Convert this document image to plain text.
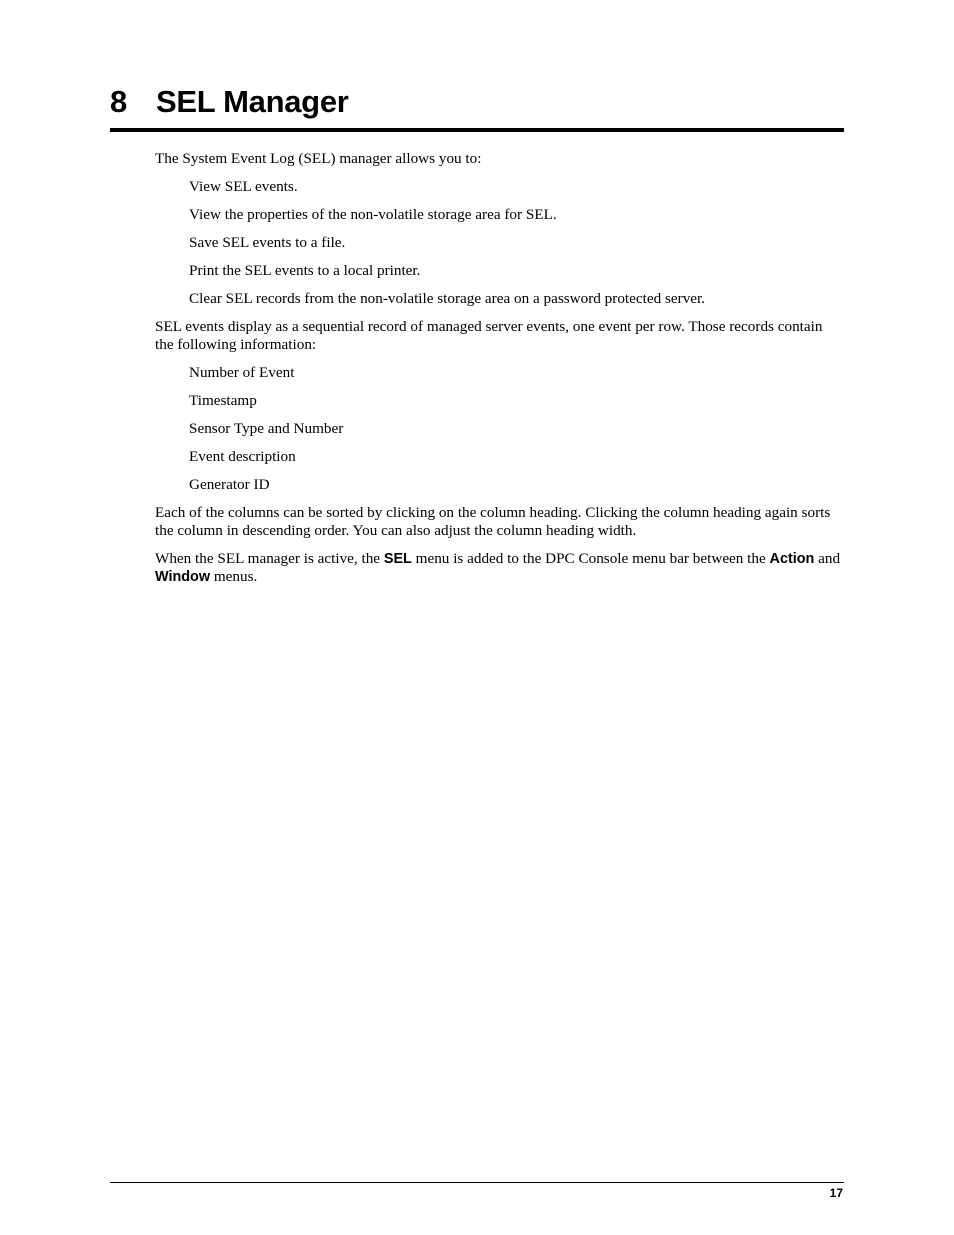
8 SEL Manager

The System Event Log (SEL) manager allows you to:

View SEL events.
View the properties of the non-volatile storage area for SEL.
Save SEL events to a file.
Print the SEL events to a local printer.
Clear SEL records from the non-volatile storage area on a password protected server.

SEL events display as a sequential record of managed server events, one event per row. Those records contain the following information:

Number of Event
Timestamp
Sensor Type and Number
Event description
Generator ID

Each of the columns can be sorted by clicking on the column heading. Clicking the column heading again sorts the column in descending order. You can also adjust the column heading width.

When the SEL manager is active, the SEL menu is added to the DPC Console menu bar between the Action and Window menus.

17
